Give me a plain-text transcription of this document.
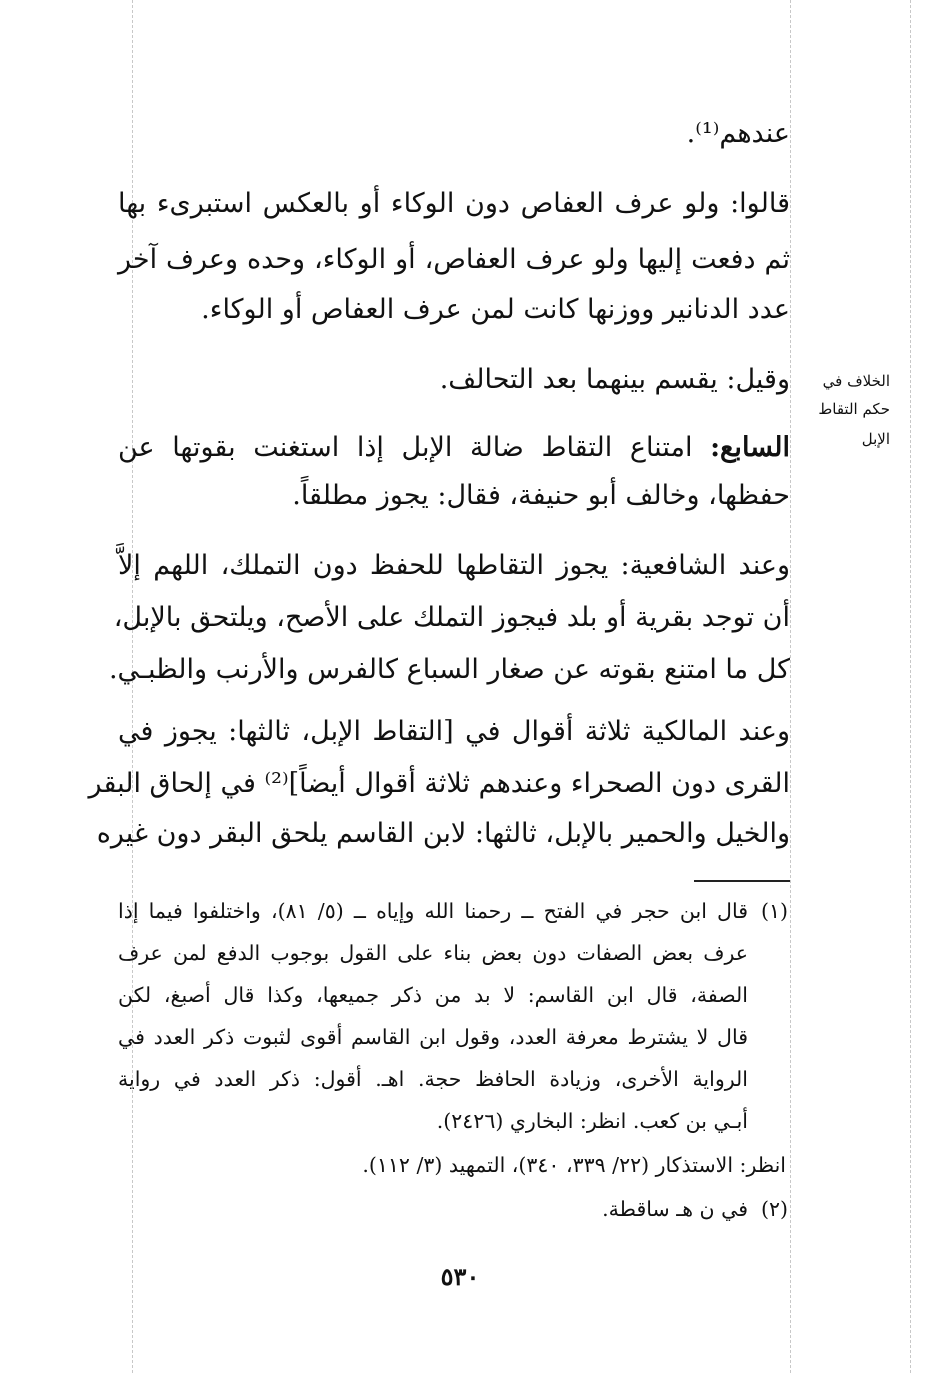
عندهم⁽¹⁾.
قالوا: ولو عرف العفاص دون الوكاء أو بالعكس استبرىء بها
ثم دفعت إليها ولو عرف العفاص، أو الوكاء، وحده وعرف آخر
عدد الدنانير ووزنها كانت لمن عرف العفاص أو الوكاء.
وقيل: يقسم بينهما بعد التحالف.	الخلاف في
حكم التقاط
الإبل
السابع: امتناع التقاط ضالة الإبل إذا استغنت بقوتها عن
حفظها، وخالف أبو حنيفة، فقال: يجوز مطلقاً.
وعند الشافعية: يجوز التقاطها للحفظ دون التملك، اللهم إلاَّ
أن توجد بقرية أو بلد فيجوز التملك على الأصح، ويلتحق بالإبل،
كل ما امتنع بقوته عن صغار السباع كالفرس والأرنب والظبـي.
وعند المالكية ثلاثة أقوال في [التقاط الإبل، ثالثها: يجوز في
القرى دون الصحراء وعندهم ثلاثة أقوال أيضاً]⁽²⁾ في إلحاق البقر
والخيل والحمير بالإبل، ثالثها: لابن القاسم يلحق البقر دون غيره
(١)
قال ابن حجر في الفتح ــ رحمنا الله وإياه ــ (٥/ ٨١)، واختلفوا فيما إذا
عرف بعض الصفات دون بعض بناء على القول بوجوب الدفع لمن عرف
الصفة، قال ابن القاسم: لا بد من ذكر جميعها، وكذا قال أصبغ، لكن
قال لا يشترط معرفة العدد، وقول ابن القاسم أقوى لثبوت ذكر العدد في
الرواية الأخرى، وزيادة الحافظ حجة. اهـ. أقول: ذكر العدد في رواية
أبـي بن كعب. انظر: البخاري (٢٤٢٦).
انظر: الاستذكار (٢٢/ ٣٣٩، ٣٤٠)، التمهيد (٣/ ١١٢).
(٢)
في ن هـ ساقطة.
٥٣٠
